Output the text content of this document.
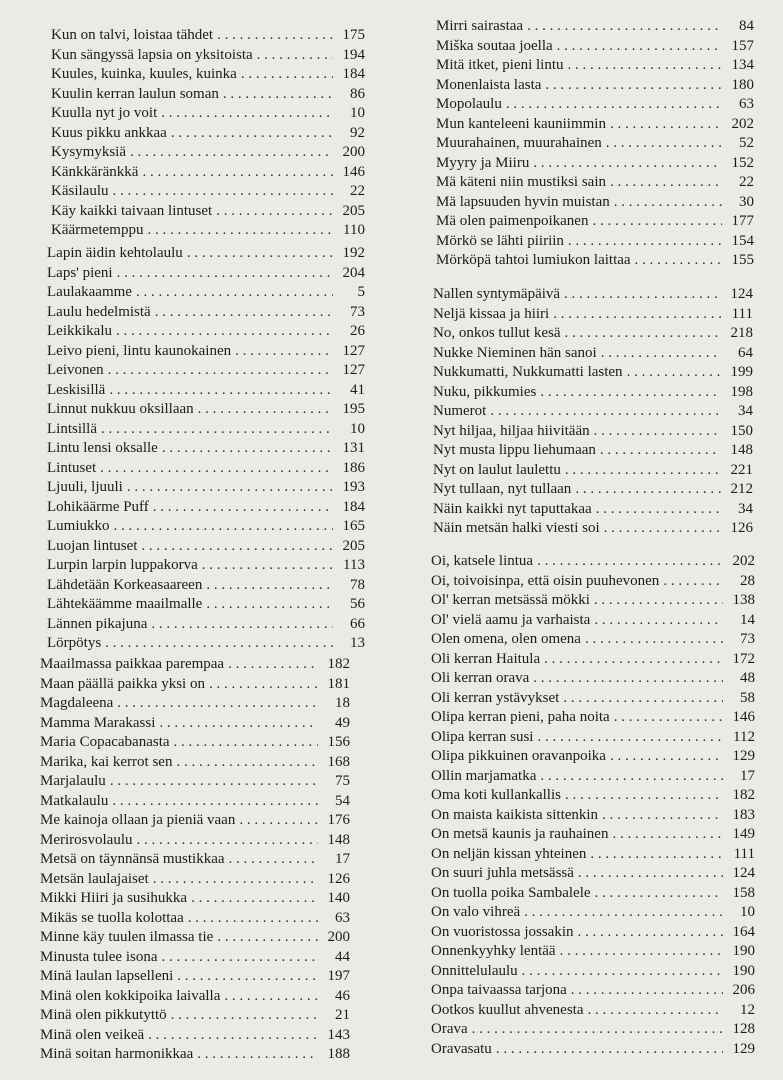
Kun on talvi, loistaa tähdet . . .	175
Kun sängyssä lapsia on yksitoista . . .	194
Kuules, kuinka, kuules, kuinka . . .	184
Kuulin kerran laulun soman . . .	86
Kuulla nyt jo voit . . .	10
Kuus pikku ankkaa . . .	92
Kysymyksiä . . .	200
Känkkäränkkä . . .	146
Käsilaulu . . .	22
Käy kaikki taivaan lintuset . . .	205
Käärmetemppu . . .	110
Lapin äidin kehtolaulu . . .	192
Laps' pieni . . .	204
Laulakaamme . . .	5
Laulu hedelmistä . . .	73
Leikkikalu . . .	26
Leivo pieni, lintu kaunokainen . . .	127
Leivonen . . .	127
Leskisillä . . .	41
Linnut nukkuu oksillaan . . .	195
Lintsillä . . .	10
Lintu lensi oksalle . . .	131
Lintuset . . .	186
Ljuuli, ljuuli . . .	193
Lohikäärme Puff . . .	184
Lumiukko . . .	165
Luojan lintuset . . .	205
Lurpin larpin luppakorva . . .	113
Lähdetään Korkeasaareen . . .	78
Lähtekäämme maailmalle . . .	56
Lännen pikajuna . . .	66
Lörpötys . . .	13
Maailmassa paikkaa parempaa . . .	182
Maan päällä paikka yksi on . . .	181
Magdaleena . . .	18
Mamma Marakassi . . .	49
Maria Copacabanasta . . .	156
Marika, kai kerrot sen . . .	168
Marjalaulu . . .	75
Matkalaulu . . .	54
Me kainoja ollaan ja pieniä vaan . . .	176
Merirosvolaulu . . .	148
Metsä on täynnänsä mustikkaa . . .	17
Metsän laulajaiset . . .	126
Mikki Hiiri ja susihukka . . .	140
Mikäs se tuolla kolottaa . . .	63
Minne käy tuulen ilmassa tie . . .	200
Minusta tulee isona . . .	44
Minä laulan lapselleni . . .	197
Minä olen kokkipoika laivalla . . .	46
Minä olen pikkutyttö . . .	21
Minä olen veikeä . . .	143
Minä soitan harmonikkaa . . .	188
Mirri sairastaa . . .	84
Miška soutaa joella . . .	157
Mitä itket, pieni lintu . . .	134
Monenlaista lasta . . .	180
Mopolaulu . . .	63
Mun kanteleeni kauniimmin . . .	202
Muurahainen, muurahainen . . .	52
Myyry ja Miiru . . .	152
Mä käteni niin mustiksi sain . . .	22
Mä lapsuuden hyvin muistan . . .	30
Mä olen paimenpoikanen . . .	177
Mörkö se lähti piiriin . . .	154
Mörköpä tahtoi lumiukon laittaa . . .	155
Nallen syntymäpäivä . . .	124
Neljä kissaa ja hiiri . . .	111
No, onkos tullut kesä . . .	218
Nukke Nieminen hän sanoi . . .	64
Nukkumatti, Nukkumatti lasten . . .	199
Nuku, pikkumies . . .	198
Numerot . . .	34
Nyt hiljaa, hiljaa hiivitään . . .	150
Nyt musta lippu liehumaan . . .	148
Nyt on laulut laulettu . . .	221
Nyt tullaan, nyt tullaan . . .	212
Näin kaikki nyt taputtakaa . . .	34
Näin metsän halki viesti soi . . .	126
Oi, katsele lintua . . .	202
Oi, toivoisinpa, että oisin puuhevonen . . .	28
Ol' kerran metsässä mökki . . .	138
Ol' vielä aamu ja varhaista . . .	14
Olen omena, olen omena . . .	73
Oli kerran Haitula . . .	172
Oli kerran orava . . .	48
Oli kerran ystävykset . . .	58
Olipa kerran pieni, paha noita . . .	146
Olipa kerran susi . . .	112
Olipa pikkuinen oravanpoika . . .	129
Ollin marjamatka . . .	17
Oma koti kullankallis . . .	182
On maista kaikista sittenkin . . .	183
On metsä kaunis ja rauhainen . . .	149
On neljän kissan yhteinen . . .	111
On suuri juhla metsässä . . .	124
On tuolla poika Sambalele . . .	158
On valo vihreä . . .	10
On vuoristossa jossakin . . .	164
Onnenkyyhky lentää . . .	190
Onnittelulaulu . . .	190
Onpa taivaassa tarjona . . .	206
Ootkos kuullut ahvenesta . . .	12
Orava . . .	128
Oravasatu . . .	129
